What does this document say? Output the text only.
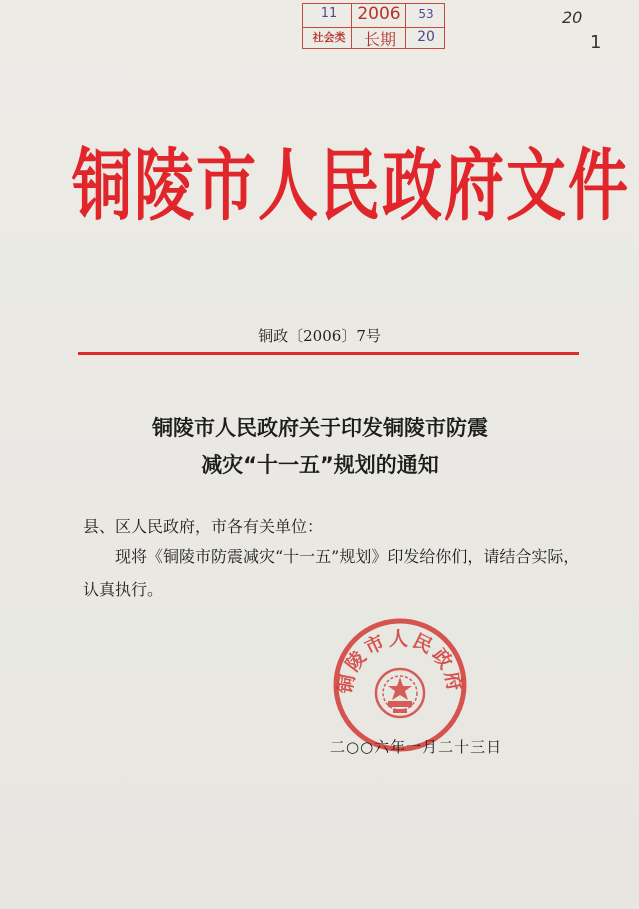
11	2006	53
社会类	长期	20
20
1
铜陵市人民政府文件
铜政〔2006〕7号
铜陵市人民政府关于印发铜陵市防震
减灾“十一五”规划的通知
县、区人民政府，市各有关单位：
现将《铜陵市防震减灾“十一五”规划》印发给你们，请结合实际，认真执行。
铜陵市人民政府
二○○六年一月二十三日
